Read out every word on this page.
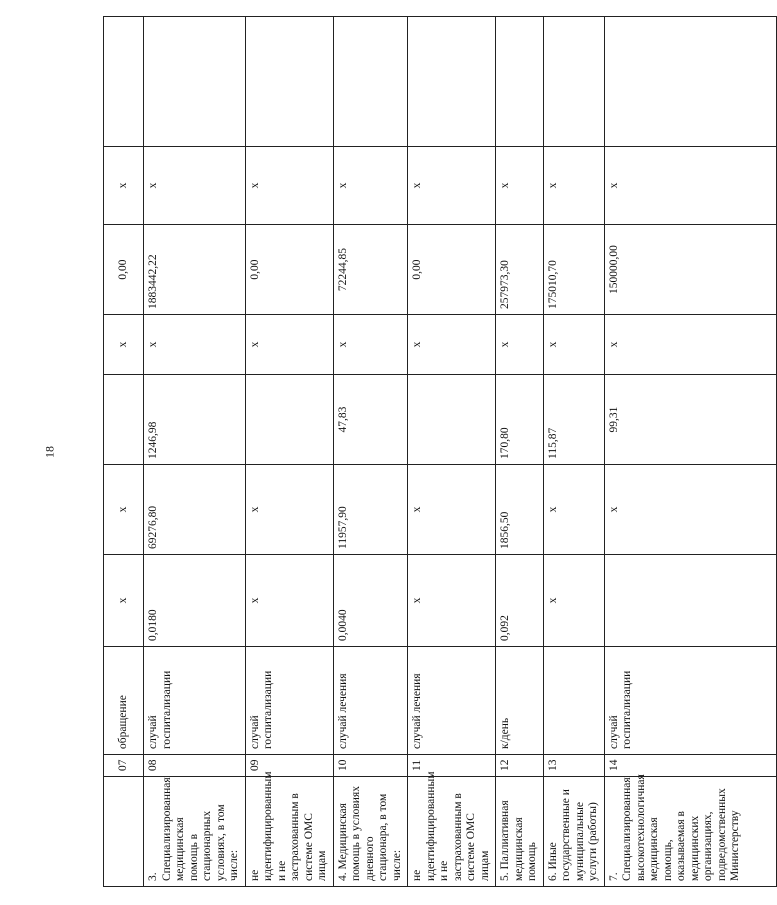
18
	07	обращение	х	х		х	0,00	х	
3. Специализированная медицинская помощь в стационарных условиях, в том числе:	08	случай госпитализации	0,0180	69276,80	1246,98	х	1883442,22	х	
не идентифицированным и не застрахованным в системе ОМС лицам	09	случай госпитализации	х	х		х	0,00	х	
4. Медицинская помощь в условиях дневного стационара, в том числе:	10	случай лечения	0,0040	11957,90	47,83	х	72244,85	х	
не идентифицированным и не застрахованным в системе ОМС лицам	11	случай лечения	х	х		х	0,00	х	
5. Паллиативная медицинская помощь	12	к/день	0,092	1856,50	170,80	х	257973,30	х	
6. Иные государственные и муниципальные услуги (работы)	13		х	х	115,87	х	175010,70	х	
7. Специализированная высокотехнологичная медицинская помощь, оказываемая в медицинских организациях, подведомственных Министерству	14	случай госпитализации		х	99,31	х	150000,00	х	
